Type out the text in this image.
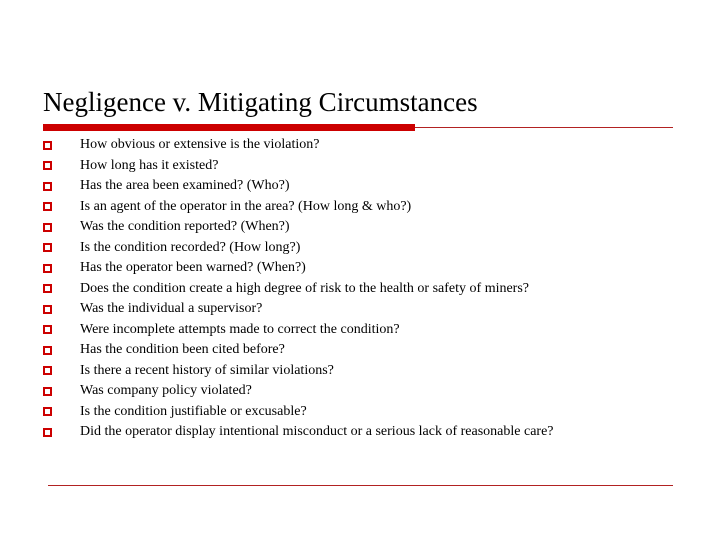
Negligence v. Mitigating Circumstances
How obvious or extensive is the violation?
How long has it existed?
Has the area been examined? (Who?)
Is an agent of the operator in the area? (How long & who?)
Was the condition reported? (When?)
Is the condition recorded? (How long?)
Has the operator been warned? (When?)
Does the condition create a high degree of risk to the health or safety of miners?
Was the individual a supervisor?
Were incomplete attempts made to correct the condition?
Has the condition been cited before?
Is there a recent history of similar violations?
Was company policy violated?
Is the condition justifiable or excusable?
Did the operator display intentional misconduct or a serious lack of reasonable care?
